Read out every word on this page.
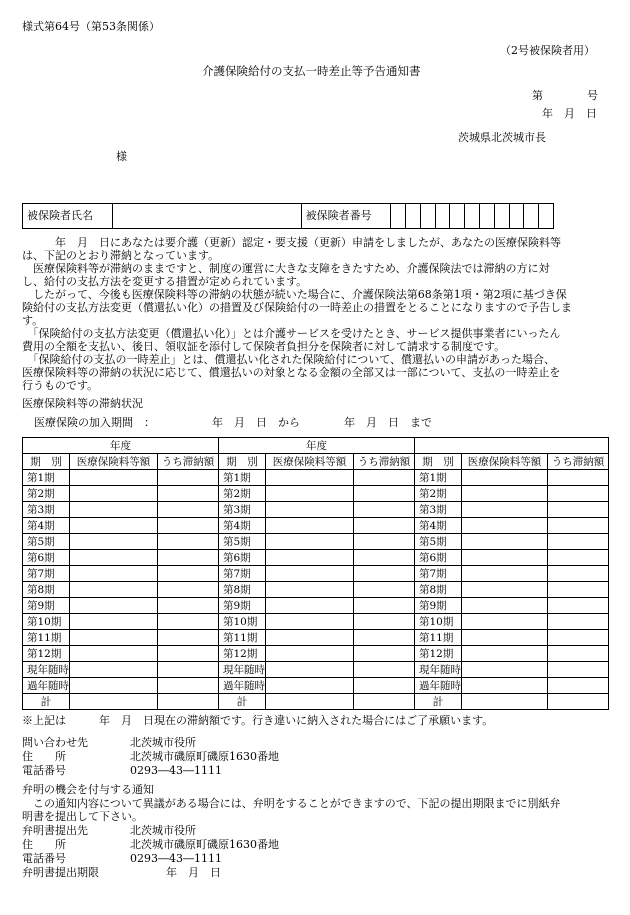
様式第64号（第53条関係）
（2号被保険者用）
介護保険給付の支払一時差止等予告通知書
第　　　　号
年　月　日
茨城県北茨城市長
様
被保険者氏名		被保険者番号											
　　　年　月　日にあなたは要介護（更新）認定・要支援（更新）申請をしましたが、あなたの医療保険料等
は、下記のとおり滞納となっています。
　医療保険料等が滞納のままですと、制度の運営に大きな支障をきたすため、介護保険法では滞納の方に対
し、給付の支払方法を変更する措置が定められています。
　したがって、今後も医療保険料等の滞納の状態が続いた場合に、介護保険法第68条第1項・第2項に基づき保
険給付の支払方法変更（償還払い化）の措置及び保険給付の一時差止の措置をとることになりますので予告しま
す。
　「保険給付の支払方法変更（償還払い化）」とは介護サービスを受けたとき、サービス提供事業者にいったん
費用の全額を支払い、後日、領収証を添付して保険者負担分を保険者に対して請求する制度です。
　「保険給付の支払の一時差止」とは、償還払い化された保険給付について、償還払いの申請があった場合、
医療保険料等の滞納の状況に応じて、償還払いの対象となる金額の全部又は一部について、支払の一時差止を
行うものです。
医療保険料等の滞納状況
医療保険の加入期間　：	年　月　日　から	年　月　日　まで
年度			年度					
期　別	医療保険料等額	うち滞納額	期　別	医療保険料等額	うち滞納額	期　別	医療保険料等額	うち滞納額
第1期			第1期			第1期		
第2期			第2期			第2期		
第3期			第3期			第3期		
第4期			第4期			第4期		
第5期			第5期			第5期		
第6期			第6期			第6期		
第7期			第7期			第7期		
第8期			第8期			第8期		
第9期			第9期			第9期		
第10期			第10期			第10期		
第11期			第11期			第11期		
第12期			第12期			第12期		
現年随時			現年随時			現年随時		
過年随時			過年随時			過年随時		
計			計			計		
※上記は　　　年　月　日現在の滞納額です。行き違いに納入された場合にはご了承願います。
問い合わせ先	北茨城市役所
住　　所	北茨城市磯原町磯原1630番地
電話番号	0293―43―1111
弁明の機会を付与する通知
　この通知内容について異議がある場合には、弁明をすることができますので、下記の提出期限までに別紙弁
明書を提出して下さい。
弁明書提出先	北茨城市役所
住　　所	北茨城市磯原町磯原1630番地
電話番号	0293―43―1111
弁明書提出期限	年　月　日
